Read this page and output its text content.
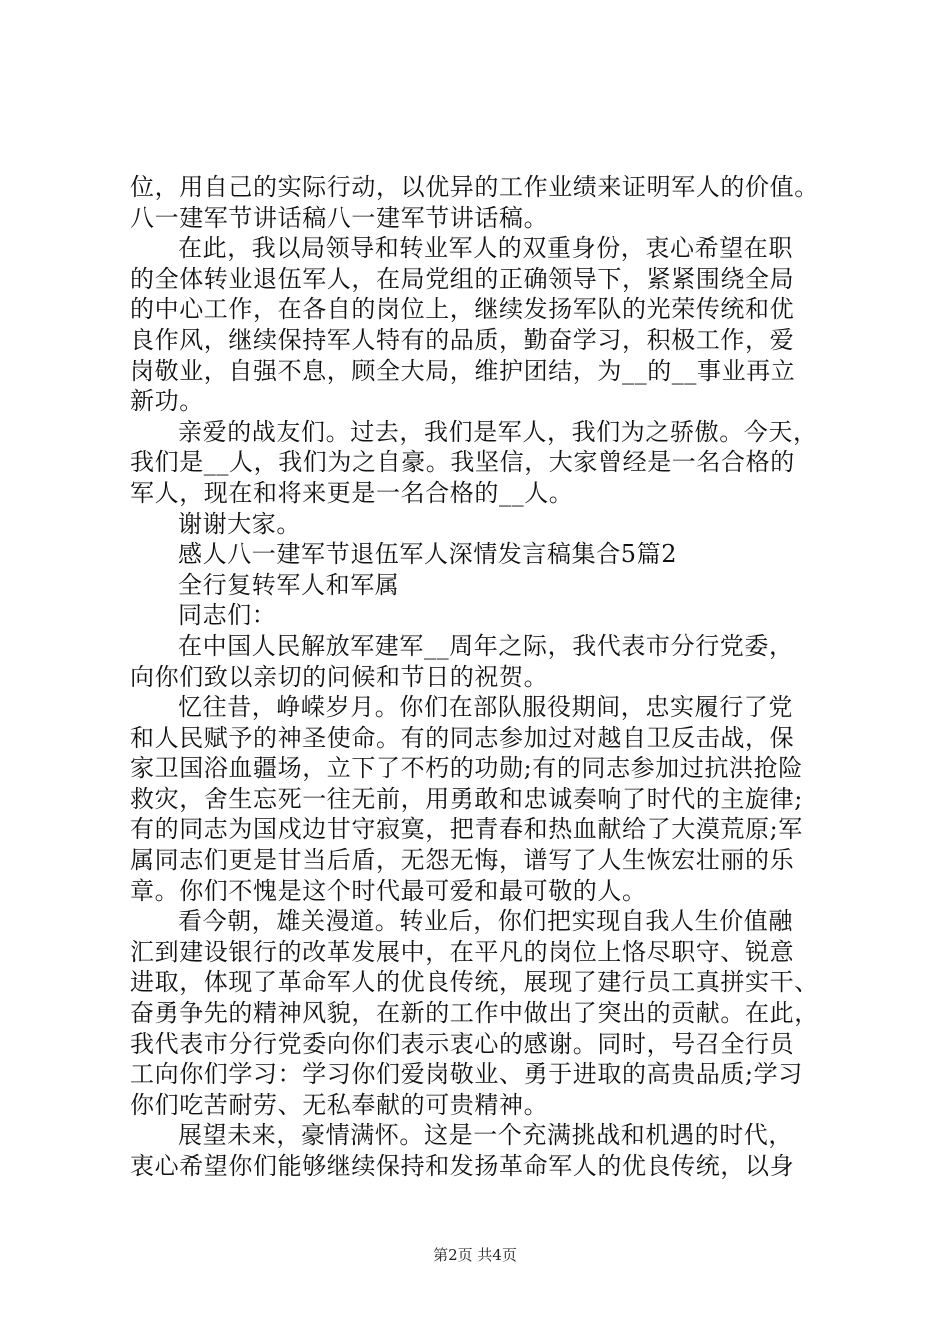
位，用自己的实际行动，以优异的工作业绩来证明军人的价值。
八一建军节讲话稿八一建军节讲话稿。
在此，我以局领导和转业军人的双重身份，衷心希望在职
的全体转业退伍军人，在局党组的正确领导下，紧紧围绕全局
的中心工作，在各自的岗位上，继续发扬军队的光荣传统和优
良作风，继续保持军人特有的品质，勤奋学习，积极工作，爱
岗敬业，自强不息，顾全大局，维护团结，为__的__事业再立
新功。
亲爱的战友们。过去，我们是军人，我们为之骄傲。今天，
我们是__人，我们为之自豪。我坚信，大家曾经是一名合格的
军人，现在和将来更是一名合格的__人。
谢谢大家。
感人八一建军节退伍军人深情发言稿集合5篇2
全行复转军人和军属
同志们：
在中国人民解放军建军__周年之际，我代表市分行党委，
向你们致以亲切的问候和节日的祝贺。
忆往昔，峥嵘岁月。你们在部队服役期间，忠实履行了党
和人民赋予的神圣使命。有的同志参加过对越自卫反击战，保
家卫国浴血疆场，立下了不朽的功勋;有的同志参加过抗洪抢险
救灾，舍生忘死一往无前，用勇敢和忠诚奏响了时代的主旋律;
有的同志为国戍边甘守寂寞，把青春和热血献给了大漠荒原;军
属同志们更是甘当后盾，无怨无悔，谱写了人生恢宏壮丽的乐
章。你们不愧是这个时代最可爱和最可敬的人。
看今朝，雄关漫道。转业后，你们把实现自我人生价值融
汇到建设银行的改革发展中，在平凡的岗位上恪尽职守、锐意
进取，体现了革命军人的优良传统，展现了建行员工真拼实干、
奋勇争先的精神风貌，在新的工作中做出了突出的贡献。在此，
我代表市分行党委向你们表示衷心的感谢。同时，号召全行员
工向你们学习：学习你们爱岗敬业、勇于进取的高贵品质;学习
你们吃苦耐劳、无私奉献的可贵精神。
展望未来，豪情满怀。这是一个充满挑战和机遇的时代，
衷心希望你们能够继续保持和发扬革命军人的优良传统，以身
第2页 共4页
